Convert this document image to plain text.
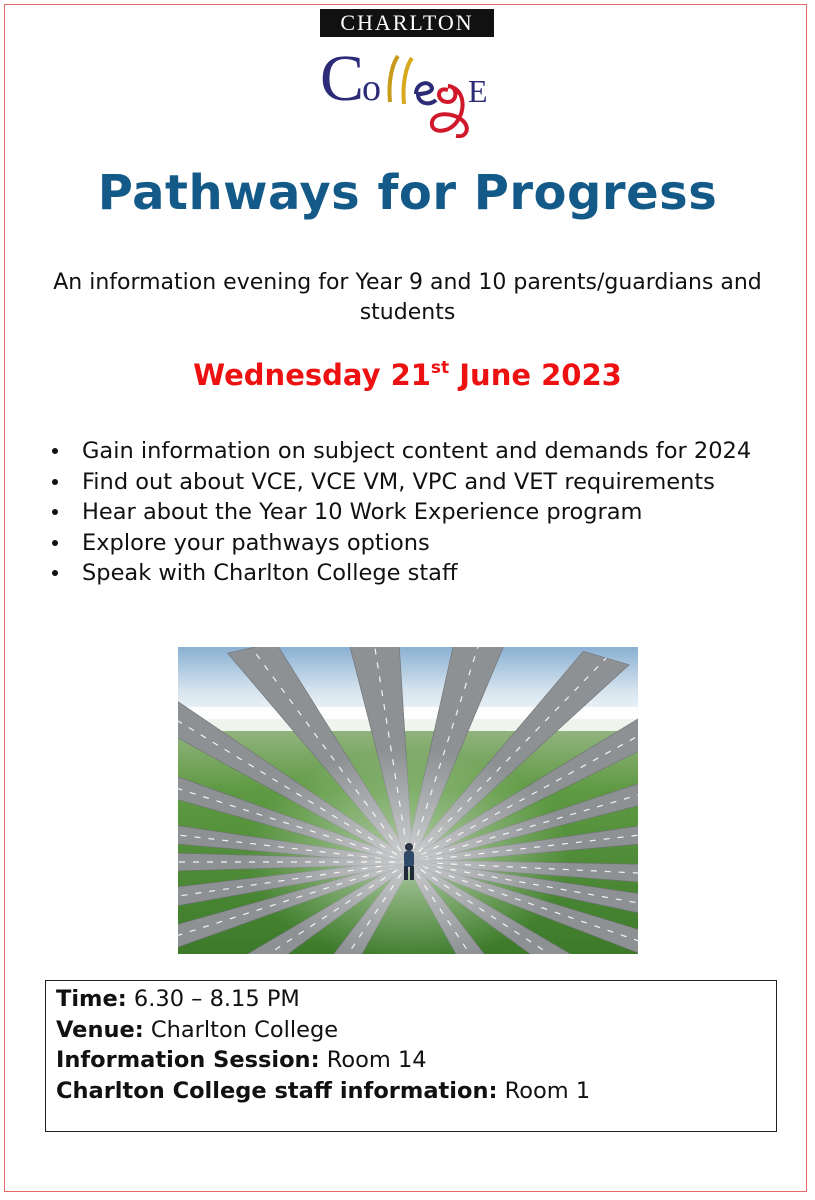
CHARLTON
C
o	E
Pathways for Progress
An information evening for Year 9 and 10 parents/guardians and students
Wednesday 21st June 2023
Gain information on subject content and demands for 2024
Find out about VCE, VCE VM, VPC and VET requirements
Hear about the Year 10 Work Experience program
Explore your pathways options
Speak with Charlton College staff
Time: 6.30 – 8.15 PM
Venue: Charlton College
Information Session: Room 14
Charlton College staff information: Room 1
